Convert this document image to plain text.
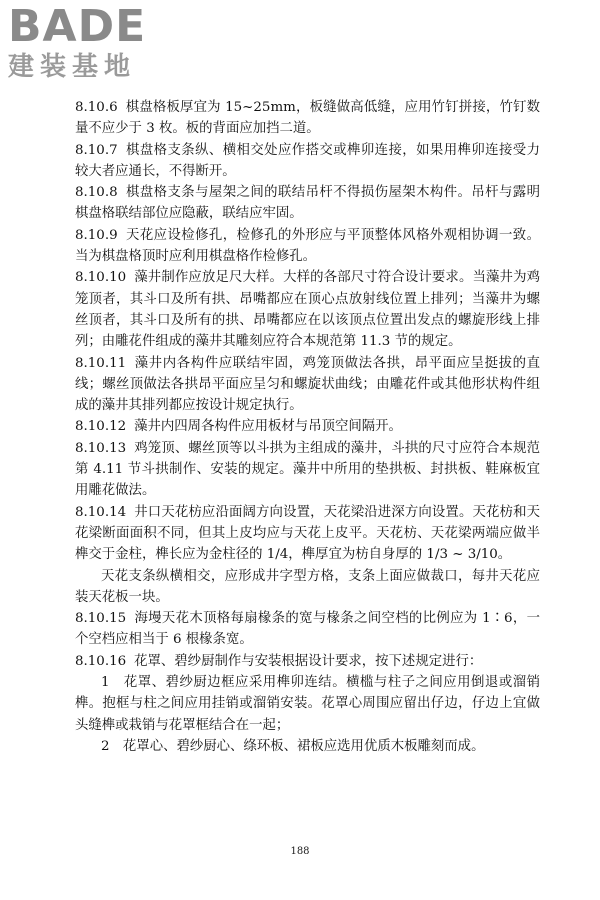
BADE
建装基地

8.10.6 棋盘格板厚宜为 15~25mm，板缝做高低缝，应用竹钉拼接，竹钉数量不应少于 3 枚。板的背面应加挡二道。

8.10.7 棋盘格支条纵、横相交处应作搭交或榫卯连接，如果用榫卯连接受力较大者应通长，不得断开。

8.10.8 棋盘格支条与屋架之间的联结吊杆不得损伤屋架木构件。吊杆与露明棋盘格联结部位应隐蔽，联结应牢固。

8.10.9 天花应设检修孔，检修孔的外形应与平顶整体风格外观相协调一致。当为棋盘格顶时应利用棋盘格作检修孔。

8.10.10 藻井制作应放足尺大样。大样的各部尺寸符合设计要求。当藻井为鸡笼顶者，其斗口及所有拱、昂嘴都应在顶心点放射线位置上排列；当藻井为螺丝顶者，其斗口及所有的拱、昂嘴都应在以该顶点位置出发点的螺旋形线上排列；由雕花件组成的藻井其雕刻应符合本规范第 11.3 节的规定。

8.10.11 藻井内各构件应联结牢固，鸡笼顶做法各拱，昂平面应呈挺拔的直线；螺丝顶做法各拱昂平面应呈匀和螺旋状曲线；由雕花件或其他形状构件组成的藻井其排列都应按设计规定执行。

8.10.12 藻井内四周各构件应用板材与吊顶空间隔开。

8.10.13 鸡笼顶、螺丝顶等以斗拱为主组成的藻井，斗拱的尺寸应符合本规范第 4.11 节斗拱制作、安装的规定。藻井中所用的垫拱板、封拱板、鞋麻板宜用雕花做法。

8.10.14 井口天花枋应沿面阔方向设置，天花梁沿进深方向设置。天花枋和天花梁断面面积不同，但其上皮均应与天花上皮平。天花枋、天花梁两端应做半榫交于金柱，榫长应为金柱径的 1/4，榫厚宜为枋自身厚的 1/3 ~ 3/10。

天花支条纵横相交，应形成井字型方格，支条上面应做裁口，每井天花应装天花板一块。

8.10.15 海墁天花木顶格每扇椽条的宽与椽条之间空档的比例应为 1∶6，一个空档应相当于 6 根椽条宽。

8.10.16 花罩、碧纱厨制作与安装根据设计要求，按下述规定进行：

1　花罩、碧纱厨边框应采用榫卯连结。横槛与柱子之间应用倒退或溜销榫。抱框与柱之间应用挂销或溜销安装。花罩心周围应留出仔边，仔边上宜做头缝榫或栽销与花罩框结合在一起；

2　花罩心、碧纱厨心、绦环板、裙板应选用优质木板雕刻而成。

188
